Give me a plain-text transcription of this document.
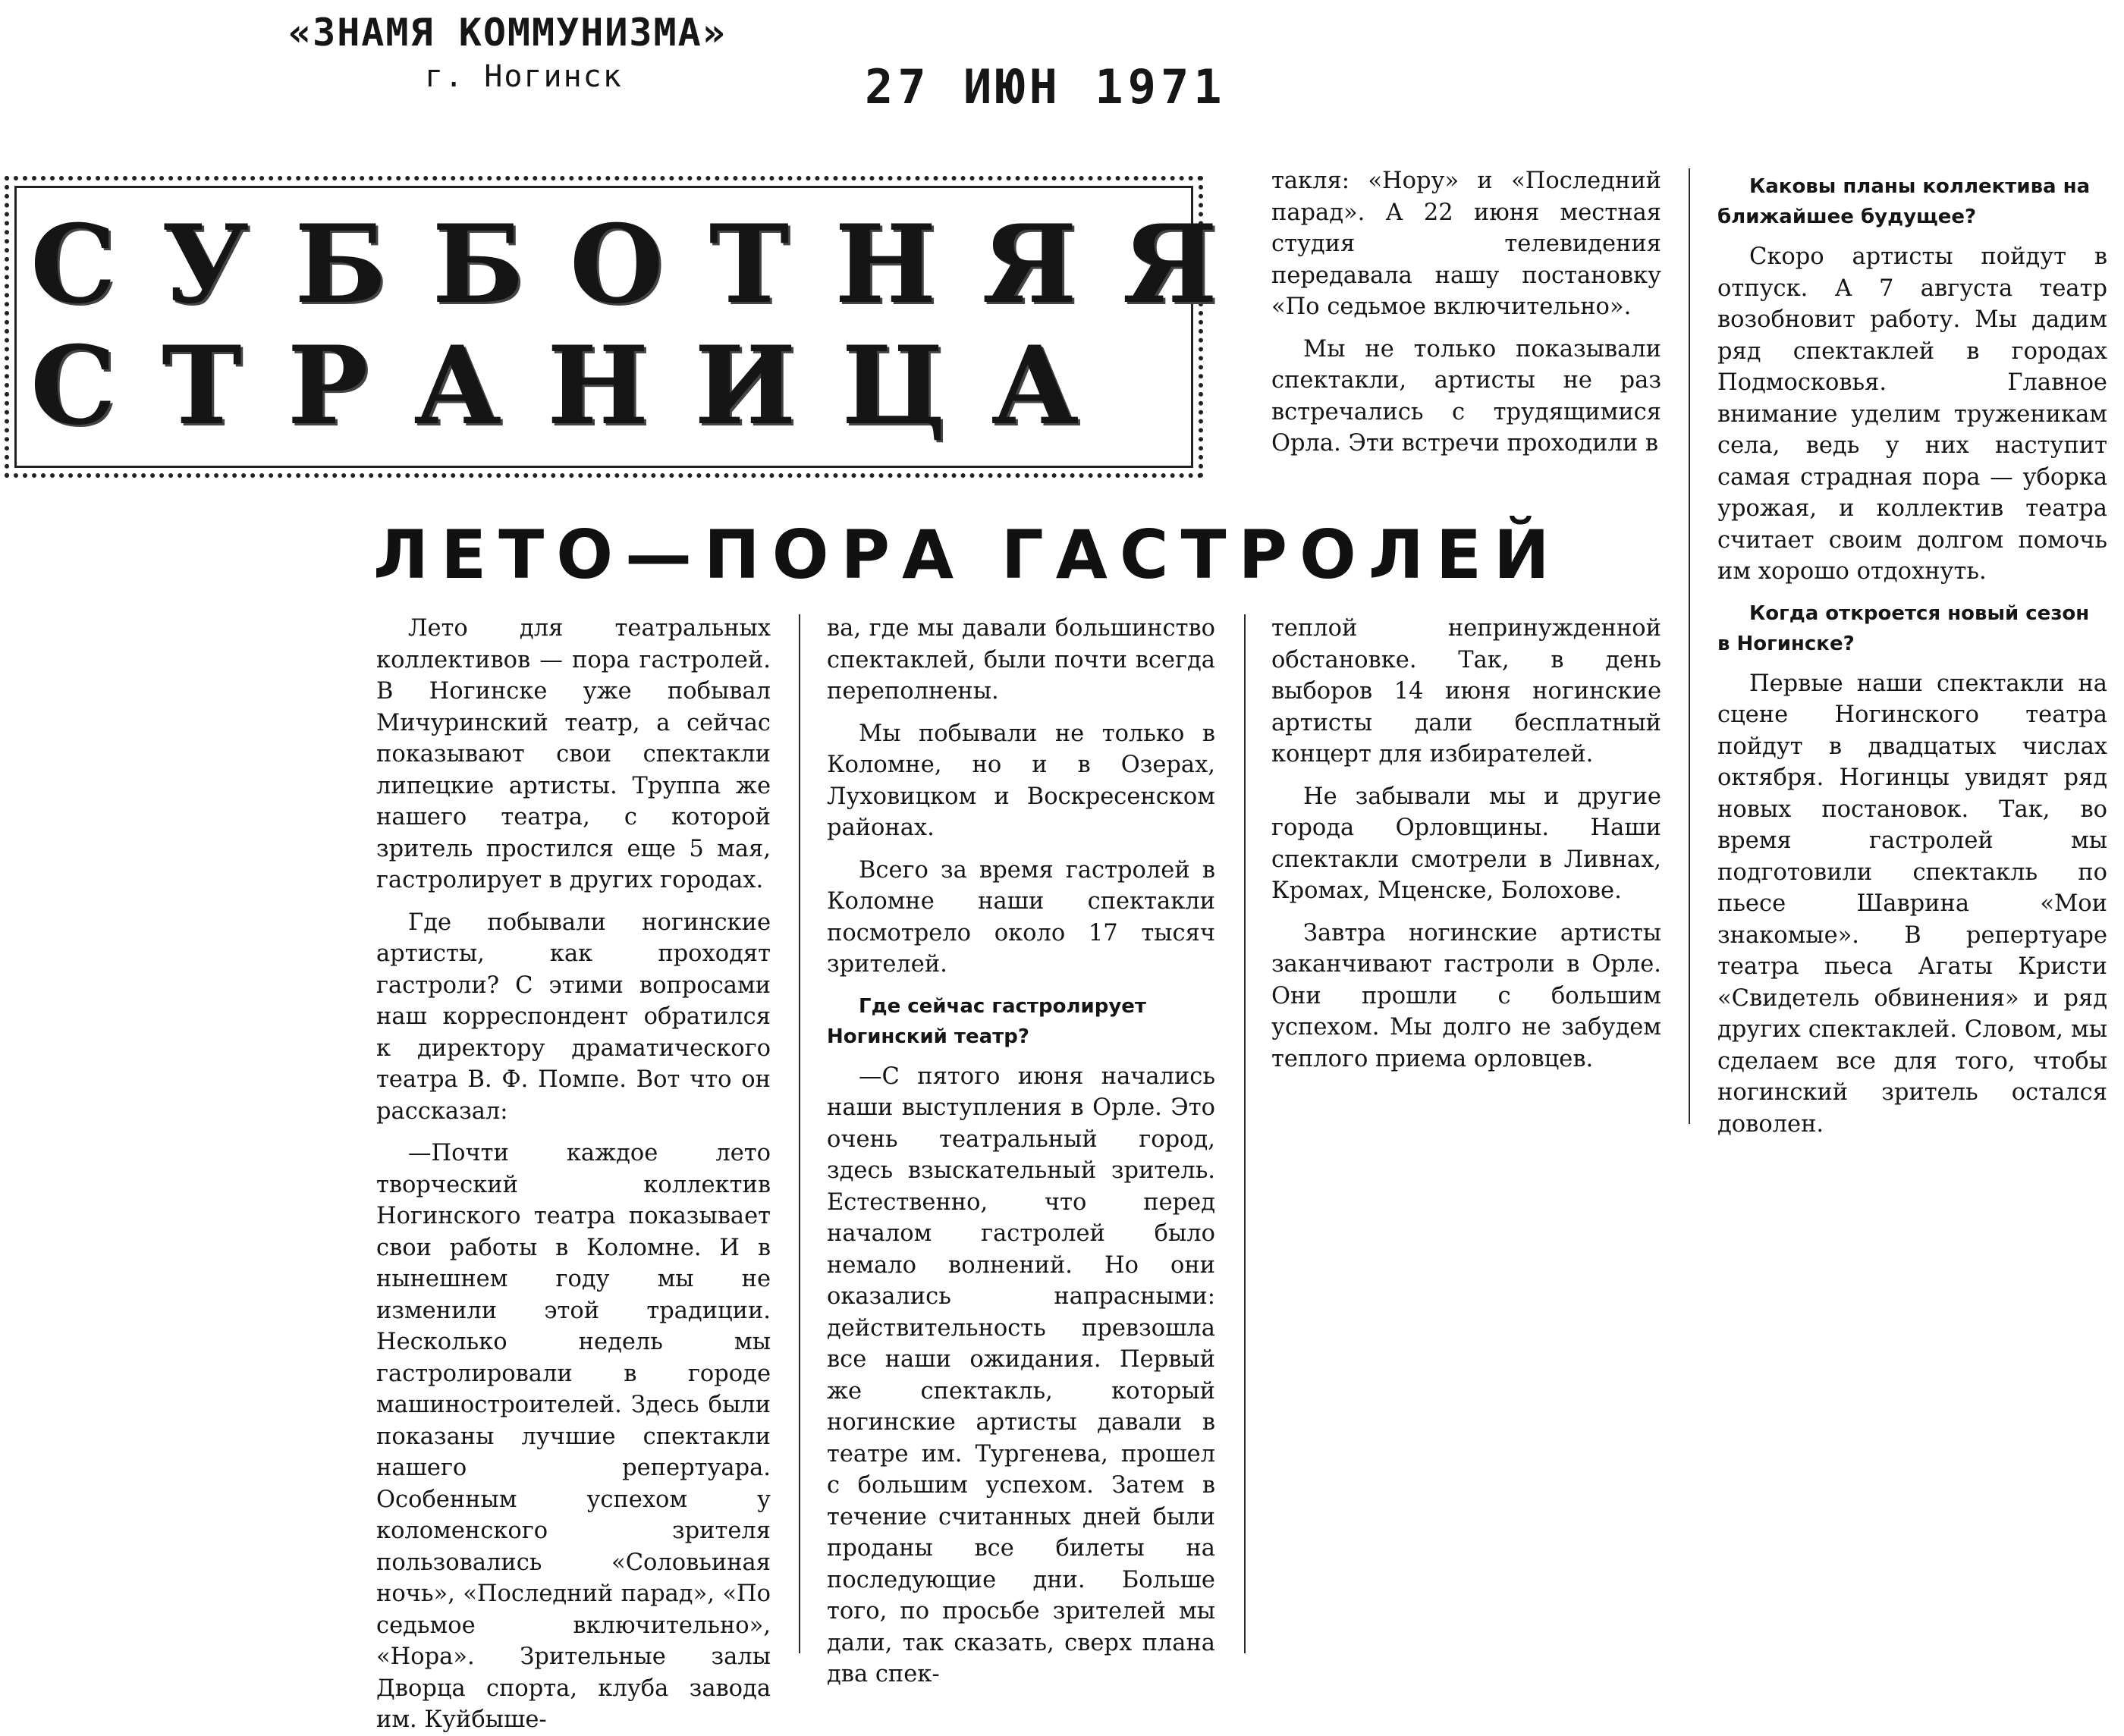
«ЗНАМЯ КОММУНИЗМА»
г. Ногинск	27 ИЮН 1971
СУББОТНЯЯ
СТРАНИЦА
ЛЕТО—ПОРА ГАСТРОЛЕЙ

Лето для театральных коллективов — пора гастролей. В Ногинске уже побывал Мичуринский театр, а сейчас показывают свои спектакли липецкие артисты. Труппа же нашего театра, с которой зритель простился еще 5 мая, гастролирует в других городах.

Где побывали ногинские артисты, как проходят гастроли? С этими вопросами наш корреспондент обратился к директору драматического театра В. Ф. Помпе. Вот что он рассказал:

—Почти каждое лето творческий коллектив Ногинского театра показывает свои работы в Коломне. И в нынешнем году мы не изменили этой традиции. Несколько недель мы гастролировали в городе машиностроителей. Здесь были показаны лучшие спектакли нашего репертуара. Особенным успехом у коломенского зрителя пользовались «Соловьиная ночь», «Последний парад», «По седьмое включительно», «Нора». Зрительные залы Дворца спорта, клуба завода им. Куйбыше-

ва, где мы давали большинство спектаклей, были почти всегда переполнены.

Мы побывали не только в Коломне, но и в Озерах, Луховицком и Воскресенском районах.

Всего за время гастролей в Коломне наши спектакли посмотрело около 17 тысяч зрителей.

Где сейчас гастролирует Ногинский театр?

—С пятого июня начались наши выступления в Орле. Это очень театральный город, здесь взыскательный зритель. Естественно, что перед началом гастролей было немало волнений. Но они оказались напрасными: действительность превзошла все наши ожидания. Первый же спектакль, который ногинские артисты давали в театре им. Тургенева, прошел с большим успехом. Затем в течение считанных дней были проданы все билеты на последующие дни. Больше того, по просьбе зрителей мы дали, так сказать, сверх плана два спек-

такля: «Нору» и «Последний парад». А 22 июня местная студия телевидения передавала нашу постановку «По седьмое включительно».

Мы не только показывали спектакли, артисты не раз встречались с трудящимися Орла. Эти встречи проходили в

теплой непринужденной обстановке. Так, в день выборов 14 июня ногинские артисты дали бесплатный концерт для избирателей.

Не забывали мы и другие города Орловщины. Наши спектакли смотрели в Ливнах, Кромах, Мценске, Болохове.

Завтра ногинские артисты заканчивают гастроли в Орле. Они прошли с большим успехом. Мы долго не забудем теплого приема орловцев.

Каковы планы коллектива на ближайшее будущее?

Скоро артисты пойдут в отпуск. А 7 августа театр возобновит работу. Мы дадим ряд спектаклей в городах Подмосковья. Главное внимание уделим труженикам села, ведь у них наступит самая страдная пора — уборка урожая, и коллектив театра считает своим долгом помочь им хорошо отдохнуть.

Когда откроется новый сезон в Ногинске?

Первые наши спектакли на сцене Ногинского театра пойдут в двадцатых числах октября. Ногинцы увидят ряд новых постановок. Так, во время гастролей мы подготовили спектакль по пьесе Шаврина «Мои знакомые». В репертуаре театра пьеса Агаты Кристи «Свидетель обвинения» и ряд других спектаклей. Словом, мы сделаем все для того, чтобы ногинский зритель остался доволен.
